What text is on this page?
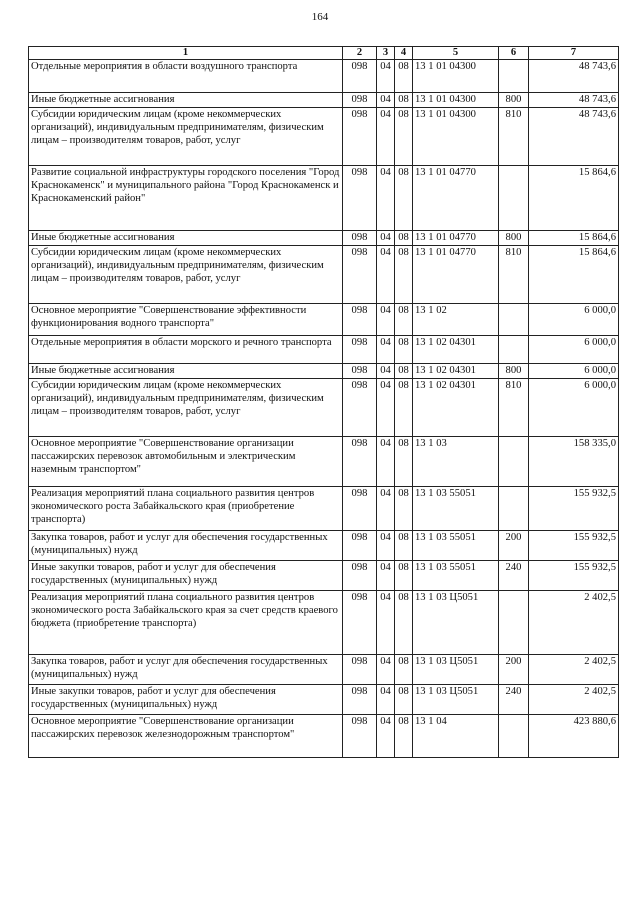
164
1	2	3	4	5	6	7
Отдельные мероприятия в области воздушного транспорта	098	04	08	13 1 01 04300		48 743,6
Иные бюджетные ассигнования	098	04	08	13 1 01 04300	800	48 743,6
Субсидии юридическим лицам (кроме некоммерческих организаций), индивидуальным предпринимателям, физическим лицам – производителям товаров, работ, услуг	098	04	08	13 1 01 04300	810	48 743,6
Развитие социальной инфраструктуры городского поселения "Город Краснокаменск" и муниципального района "Город Краснокаменск и Краснокаменский район"	098	04	08	13 1 01 04770		15 864,6
Иные бюджетные ассигнования	098	04	08	13 1 01 04770	800	15 864,6
Субсидии юридическим лицам (кроме некоммерческих организаций), индивидуальным предпринимателям, физическим лицам – производителям товаров, работ, услуг	098	04	08	13 1 01 04770	810	15 864,6
Основное мероприятие "Совершенствование эффективности функционирования водного транспорта"	098	04	08	13 1 02		6 000,0
Отдельные мероприятия в области морского и речного транспорта	098	04	08	13 1 02 04301		6 000,0
Иные бюджетные ассигнования	098	04	08	13 1 02 04301	800	6 000,0
Субсидии юридическим лицам (кроме некоммерческих организаций), индивидуальным предпринимателям, физическим лицам – производителям товаров, работ, услуг	098	04	08	13 1 02 04301	810	6 000,0
Основное мероприятие "Совершенствование организации пассажирских перевозок автомобильным и электрическим наземным транспортом"	098	04	08	13 1 03		158 335,0
Реализация мероприятий плана социального развития центров экономического роста Забайкальского края (приобретение транспорта)	098	04	08	13 1 03 55051		155 932,5
Закупка товаров, работ и услуг для обеспечения государственных (муниципальных) нужд	098	04	08	13 1 03 55051	200	155 932,5
Иные закупки товаров, работ и услуг для обеспечения государственных (муниципальных) нужд	098	04	08	13 1 03 55051	240	155 932,5
Реализация мероприятий плана социального развития центров экономического роста Забайкальского края за счет средств краевого бюджета (приобретение транспорта)	098	04	08	13 1 03 Ц5051		2 402,5
Закупка товаров, работ и услуг для обеспечения государственных (муниципальных) нужд	098	04	08	13 1 03 Ц5051	200	2 402,5
Иные закупки товаров, работ и услуг для обеспечения государственных (муниципальных) нужд	098	04	08	13 1 03 Ц5051	240	2 402,5
Основное мероприятие "Совершенствование организации пассажирских перевозок железнодорожным транспортом"	098	04	08	13 1 04		423 880,6
